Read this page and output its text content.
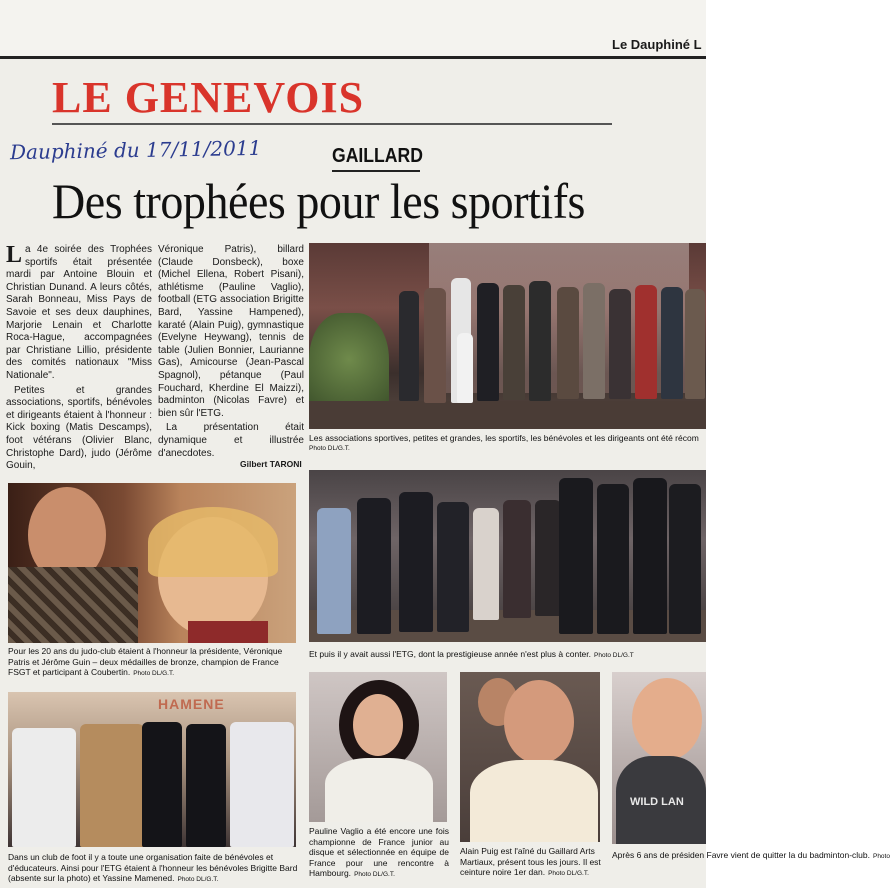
Le Dauphiné L
LE GENEVOIS
Dauphiné du 17/11/2011	GAILLARD
Des trophées pour les sportifs

La 4e soirée des Trophées sportifs était présentée mardi par Antoine Blouin et Christian Dunand. A leurs côtés, Sarah Bonneau, Miss Pays de Savoie et ses deux dauphines, Marjorie Lenain et Charlotte Roca-Hague, accompagnées par Christiane Lillio, présidente des comités nationaux "Miss Nationale".

Petites et grandes associations, sportifs, bénévoles et dirigeants étaient à l'honneur : Kick boxing (Matis Descamps), foot vétérans (Olivier Blanc, Christophe Dard), judo (Jérôme Gouin,

Véronique Patris), billard (Claude Donsbeck), boxe (Michel Ellena, Robert Pisani), athlétisme (Pauline Vaglio), football (ETG association Brigitte Bard, Yassine Hampened), karaté (Alain Puig), gymnastique (Evelyne Heywang), tennis de table (Julien Bonnier, Laurianne Gas), Amicourse (Jean-Pascal Spagnol), pétanque (Paul Fouchard, Kherdine El Maizzi), badminton (Nicolas Favre) et bien sûr l'ETG.

La présentation était dynamique et illustrée d'anecdotes.

Gilbert TARONI
Les associations sportives, petites et grandes, les sportifs, les bénévoles et les dirigeants ont été récom
Photo DL/G.T.
Pour les 20 ans du judo-club étaient à l'honneur la présidente, Véronique Patris et Jérôme Guin – deux médailles de bronze, champion de France FSGT et participant à Coubertin. Photo DL/G.T.
Et puis il y avait aussi l'ETG, dont la prestigieuse année n'est plus à conter. Photo DL/G.T
HAMENE
Dans un club de foot il y a toute une organisation faite de bénévoles et d'éducateurs. Ainsi pour l'ETG étaient à l'honneur les bénévoles Brigitte Bard (absente sur la photo) et Yassine Mamened. Photo DL/G.T.
Pauline Vaglio a été encore une fois championne de France junior au disque et sélectionnée en équipe de France pour une rencontre à Hambourg. Photo DL/G.T.
Alain Puig est l'aîné du Gaillard Arts Martiaux, présent tous les jours. Il est ceinture noire 1er dan. Photo DL/G.T.
WILD LAN
Après 6 ans de présiden Favre vient de quitter la du badminton-club. Photo
